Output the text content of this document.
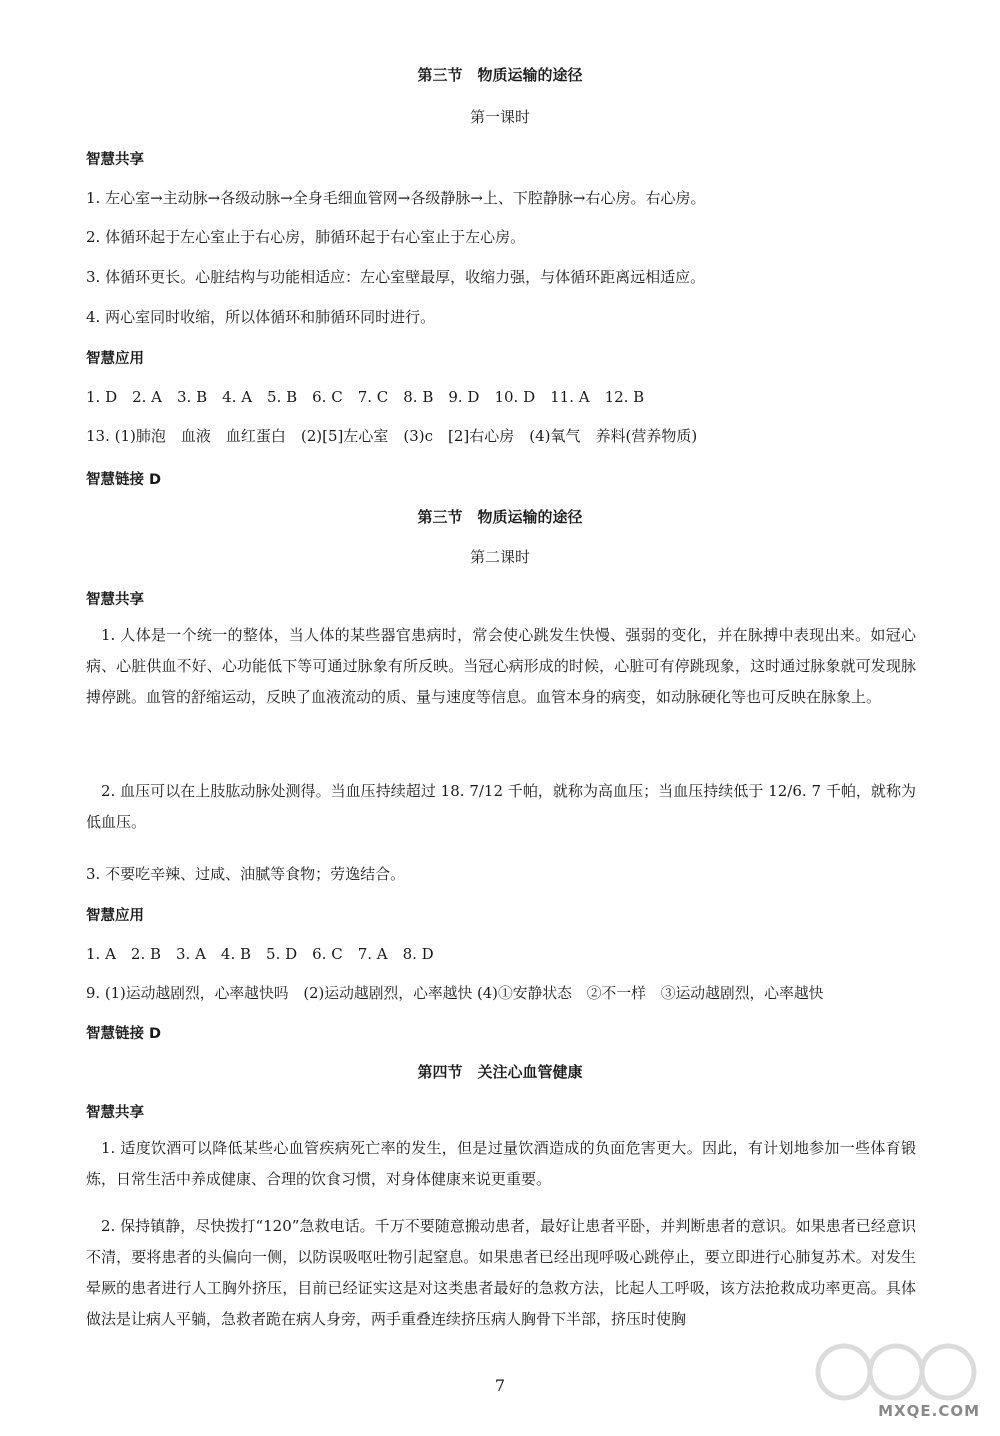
第三节　物质运输的途径
第一课时
智慧共享
1. 左心室→主动脉→各级动脉→全身毛细血管网→各级静脉→上、下腔静脉→右心房。右心房。
2. 体循环起于左心室止于右心房，肺循环起于右心室止于左心房。
3. 体循环更长。心脏结构与功能相适应：左心室壁最厚，收缩力强，与体循环距离远相适应。
4. 两心室同时收缩，所以体循环和肺循环同时进行。
智慧应用
1. D　2. A　3. B　4. A　5. B　6. C　7. C　8. B　9. D　10. D　11. A　12. B
13. (1)肺泡　血液　血红蛋白　(2)[5]左心室　(3)c　[2]右心房　(4)氧气　养料(营养物质)
智慧链接 D
第三节　物质运输的途径
第二课时
智慧共享
1. 人体是一个统一的整体，当人体的某些器官患病时，常会使心跳发生快慢、强弱的变化，并在脉搏中表现出来。如冠心病、心脏供血不好、心功能低下等可通过脉象有所反映。当冠心病形成的时候，心脏可有停跳现象，这时通过脉象就可发现脉搏停跳。血管的舒缩运动，反映了血液流动的质、量与速度等信息。血管本身的病变，如动脉硬化等也可反映在脉象上。
2. 血压可以在上肢肱动脉处测得。当血压持续超过 18. 7/12 千帕，就称为高血压；当血压持续低于 12/6. 7 千帕，就称为低血压。
3. 不要吃辛辣、过咸、油腻等食物；劳逸结合。
智慧应用
1. A　2. B　3. A　4. B　5. D　6. C　7. A　8. D
9. (1)运动越剧烈，心率越快吗　(2)运动越剧烈，心率越快 (4)①安静状态　②不一样　③运动越剧烈，心率越快
智慧链接 D
第四节　关注心血管健康
智慧共享
1. 适度饮酒可以降低某些心血管疾病死亡率的发生，但是过量饮酒造成的负面危害更大。因此，有计划地参加一些体育锻炼，日常生活中养成健康、合理的饮食习惯，对身体健康来说更重要。
2. 保持镇静，尽快拨打“120”急救电话。千万不要随意搬动患者，最好让患者平卧，并判断患者的意识。如果患者已经意识不清，要将患者的头偏向一侧，以防误吸呕吐物引起窒息。如果患者已经出现呼吸心跳停止，要立即进行心肺复苏术。对发生晕厥的患者进行人工胸外挤压，目前已经证实这是对这类患者最好的急救方法，比起人工呼吸，该方法抢救成功率更高。具体做法是让病人平躺，急救者跪在病人身旁，两手重叠连续挤压病人胸骨下半部，挤压时使胸
7
MXQE.COM
